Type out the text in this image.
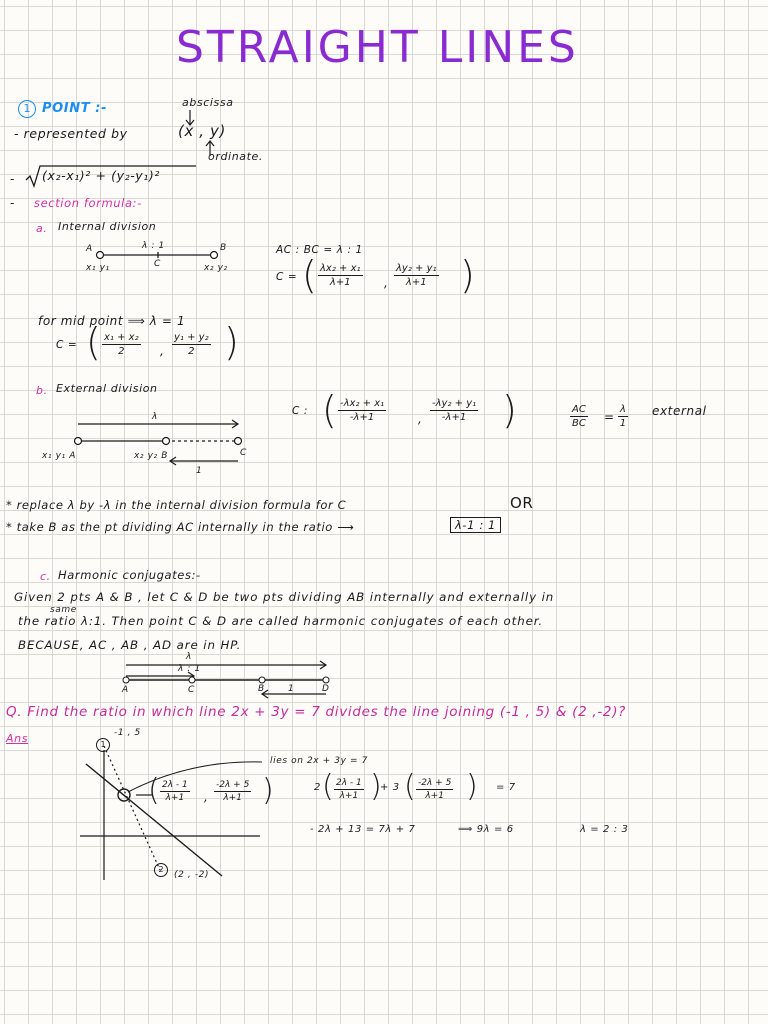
STRAIGHT LINES
1 POINT :-	abscissa
- represented by	(x , y)
ordinate.
- (x₂-x₁)² + (y₂-y₁)²
- section formula:-
a. Internal division
A	B
λ : 1
C
x₁ y₁	x₂ y₂
AC : BC = λ : 1
C = ( $\frac{\text{λx₂ + x₁}}{\lambda+1}$ , $\frac{\text{λy₂ + y₁}}{\lambda+1}$ )
for mid point ⟹ λ = 1
C = ( $\frac{\text{x₁ + x₂}}{2}$ , $\frac{\text{y₁ + y₂}}{2}$ )
b. External division
λ
x₁ y₁ A	x₂ y₂ B	C
1
C : ( $\frac{\text{-λx₂ + x₁}}{-\lambda+1}$	, $\frac{\text{-λy₂ + y₁}}{-\lambda+1}$ )	$\frac{AC}{BC} = \frac{\lambda}{1}$ external
* replace λ by -λ in the internal division formula for C	OR
* take B as the pt dividing AC internally in the ratio ⟶	λ-1 : 1
c. Harmonic conjugates:-
Given 2 pts A & B , let C & D be two pts dividing AB internally and externally in
same
the ratio λ:1. Then point C & D are called harmonic conjugates of each other.
BECAUSE, AC , AB , AD are in HP.
λ
λ : 1
A	C	B	1	D
Q. Find the ratio in which line 2x + 3y = 7 divides the line joining (-1 , 5) & (2 ,-2)?
Ans	1
-1 , 5
2
(2 , -2)
lies on 2x + 3y = 7
( $\frac{2\lambda - 1}{\lambda+1}$ , $\frac{-2\lambda + 5}{\lambda+1}$ )	2 ( $\frac{2\lambda - 1}{\lambda+1}$ )
+ 3 ( $\frac{-2\lambda + 5}{\lambda+1}$ ) = 7
- 2λ + 13 = 7λ + 7	⟹ 9λ = 6	λ = 2 : 3
